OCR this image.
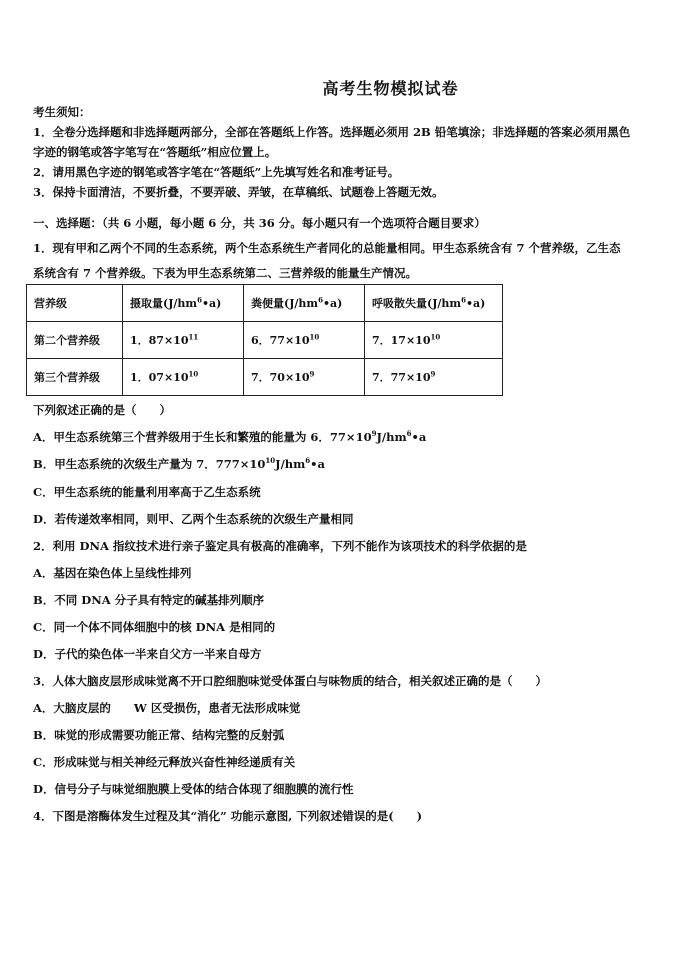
高考生物模拟试卷
考生须知：
1．全卷分选择题和非选择题两部分，全部在答题纸上作答。选择题必须用 2B 铅笔填涂；非选择题的答案必须用黑色
字迹的钢笔或答字笔写在“答题纸”相应位置上。
2．请用黑色字迹的钢笔或答字笔在“答题纸”上先填写姓名和准考证号。
3．保持卡面清洁，不要折叠，不要弄破、弄皱，在草稿纸、试题卷上答题无效。
一、选择题：（共 6 小题，每小题 6 分，共 36 分。每小题只有一个选项符合题目要求）
1．现有甲和乙两个不同的生态系统，两个生态系统生产者同化的总能量相同。甲生态系统含有 7 个营养级，乙生态
系统含有 7 个营养级。下表为甲生态系统第二、三营养级的能量生产情况。
营养级	摄取量$(J/hm^6•a)$	粪便量$(J/hm^6•a)$	呼吸散失量$(J/hm^6•a)$
第二个营养级	1．$87\times 10^{11}$	6．$77\times 10^{10}$	7．$17\times 10^{10}$
第三个营养级	1．$07\times 10^{10}$	7．$70\times 10^9$	7．$77\times 10^9$
下列叙述正确的是（　　）
A．甲生态系统第三个营养级用于生长和繁殖的能量为 6．$77\times 10^9J/hm^6•a$
B．甲生态系统的次级生产量为 7．$777\times 10^{10}J/hm^6•a$
C．甲生态系统的能量利用率高于乙生态系统
D．若传递效率相同，则甲、乙两个生态系统的次级生产量相同
2．利用 DNA 指纹技术进行亲子鉴定具有极高的准确率，下列不能作为该项技术的科学依据的是
A．基因在染色体上呈线性排列
B．不同 DNA 分子具有特定的碱基排列顺序
C．同一个体不同体细胞中的核 DNA 是相同的
D．子代的染色体一半来自父方一半来自母方
3．人体大脑皮层形成味觉离不开口腔细胞味觉受体蛋白与味物质的结合，相关叙述正确的是（　　）
A．大脑皮层的　　W 区受损伤，患者无法形成味觉
B．味觉的形成需要功能正常、结构完整的反射弧
C．形成味觉与相关神经元释放兴奋性神经递质有关
D．信号分子与味觉细胞膜上受体的结合体现了细胞膜的流行性
4．下图是溶酶体发生过程及其“消化” 功能示意图, 下列叙述错误的是(　　)
